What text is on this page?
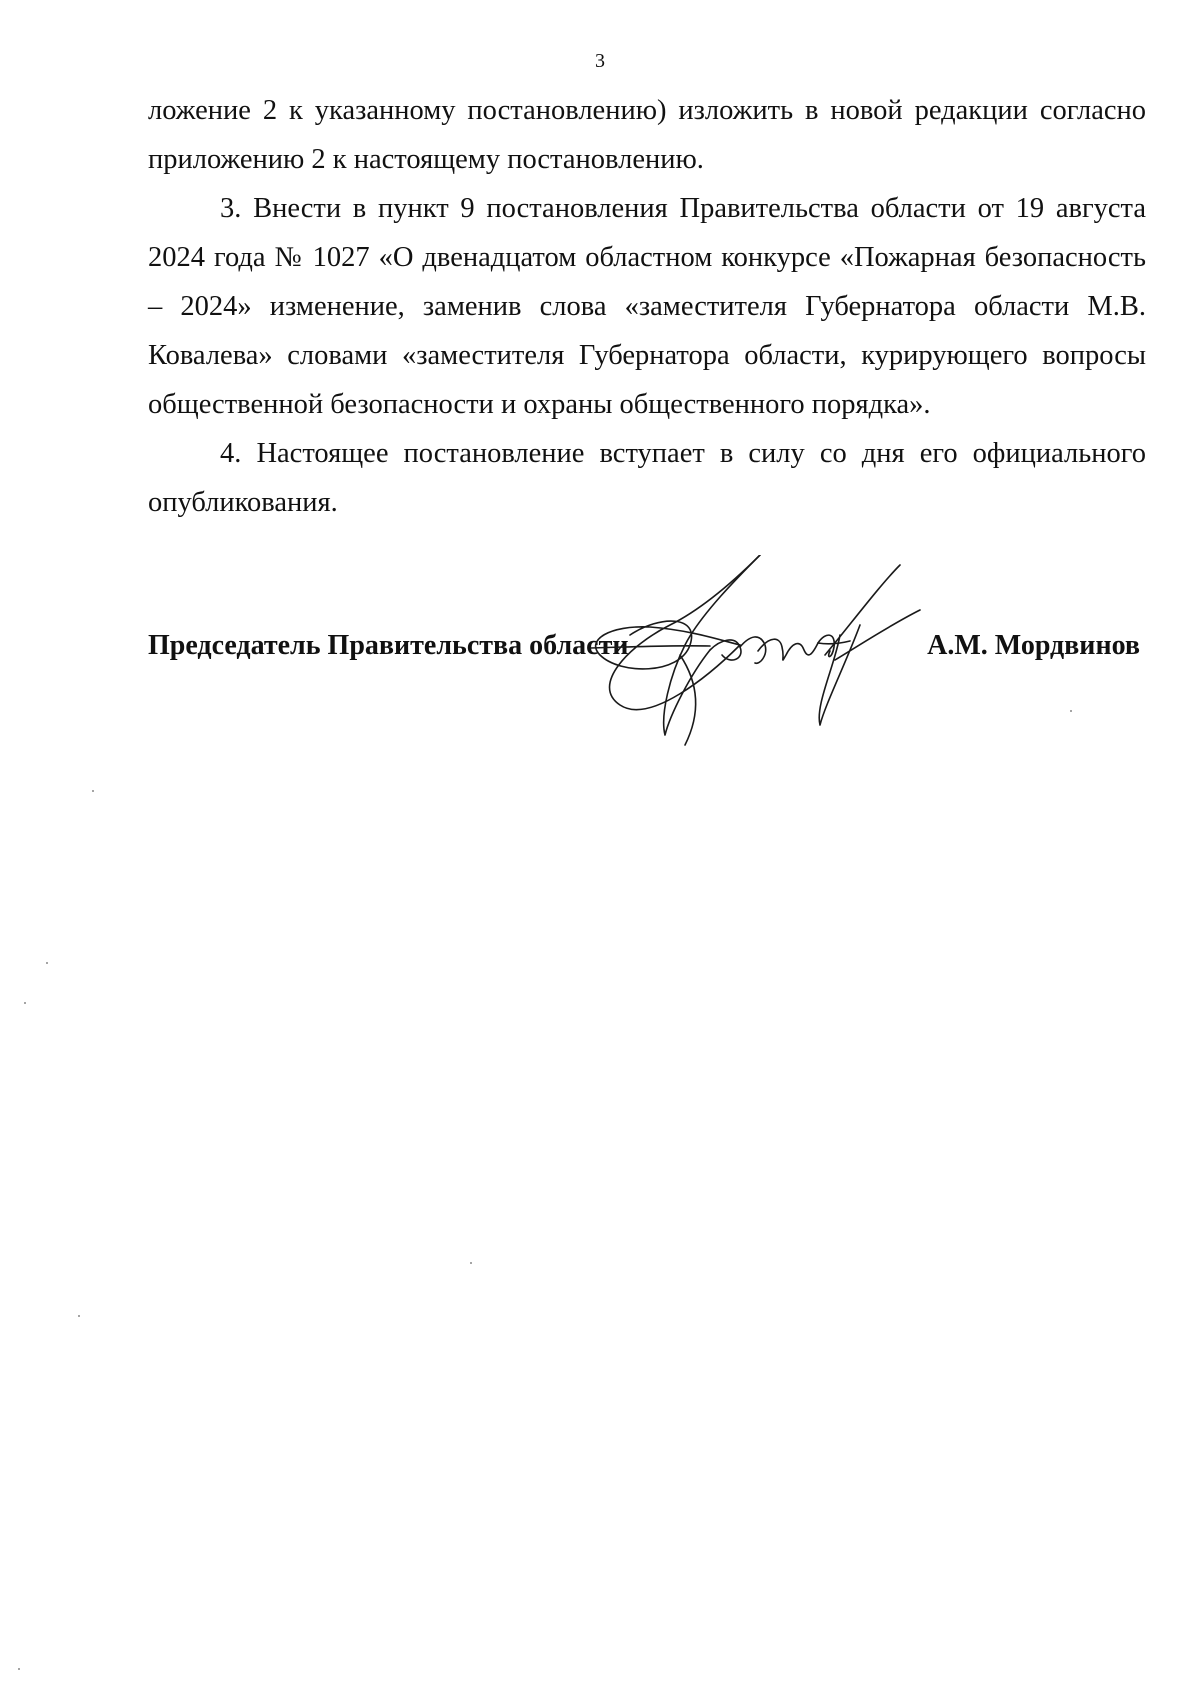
3

ложение 2 к указанному постановлению) изложить в новой редакции согласно приложению 2 к настоящему постановлению.

3. Внести в пункт 9 постановления Правительства области от 19 августа 2024 года № 1027 «О двенадцатом областном конкурсе «Пожарная безопасность – 2024» изменение, заменив слова «заместителя Губернатора области М.В. Ковалева» словами «заместителя Губернатора области, курирующего вопросы общественной безопасности и охраны общественного порядка».

4. Настоящее постановление вступает в силу со дня его официального опубликования.

Председатель Правительства области	А.М. Мордвинов
